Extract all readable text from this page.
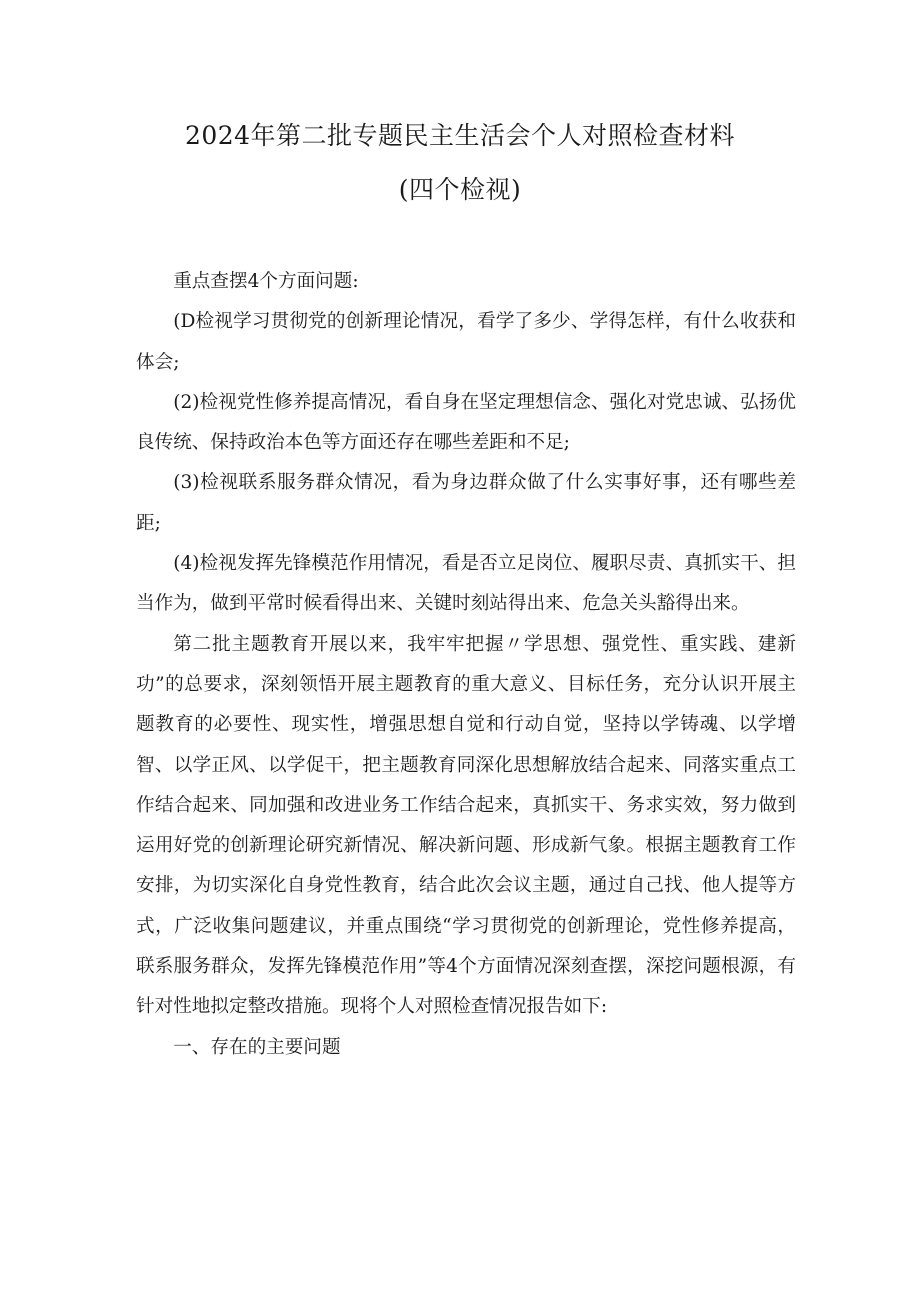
2024年第二批专题民主生活会个人对照检查材料
(四个检视)

重点查摆4个方面问题:

(D检视学习贯彻党的创新理论情况，看学了多少、学得怎样，有什么收获和体会;

(2)检视党性修养提高情况，看自身在坚定理想信念、强化对党忠诚、弘扬优良传统、保持政治本色等方面还存在哪些差距和不足;

(3)检视联系服务群众情况，看为身边群众做了什么实事好事，还有哪些差距;

(4)检视发挥先锋模范作用情况，看是否立足岗位、履职尽责、真抓实干、担当作为，做到平常时候看得出来、关键时刻站得出来、危急关头豁得出来。

第二批主题教育开展以来，我牢牢把握〃学思想、强党性、重实践、建新功”的总要求，深刻领悟开展主题教育的重大意义、目标任务，充分认识开展主题教育的必要性、现实性，增强思想自觉和行动自觉，坚持以学铸魂、以学增智、以学正风、以学促干，把主题教育同深化思想解放结合起来、同落实重点工作结合起来、同加强和改进业务工作结合起来，真抓实干、务求实效，努力做到运用好党的创新理论研究新情况、解决新问题、形成新气象。根据主题教育工作安排，为切实深化自身党性教育，结合此次会议主题，通过自己找、他人提等方式，广泛收集问题建议，并重点围绕“学习贯彻党的创新理论，党性修养提高，联系服务群众，发挥先锋模范作用”等4个方面情况深刻查摆，深挖问题根源，有针对性地拟定整改措施。现将个人对照检查情况报告如下:

一、存在的主要问题
